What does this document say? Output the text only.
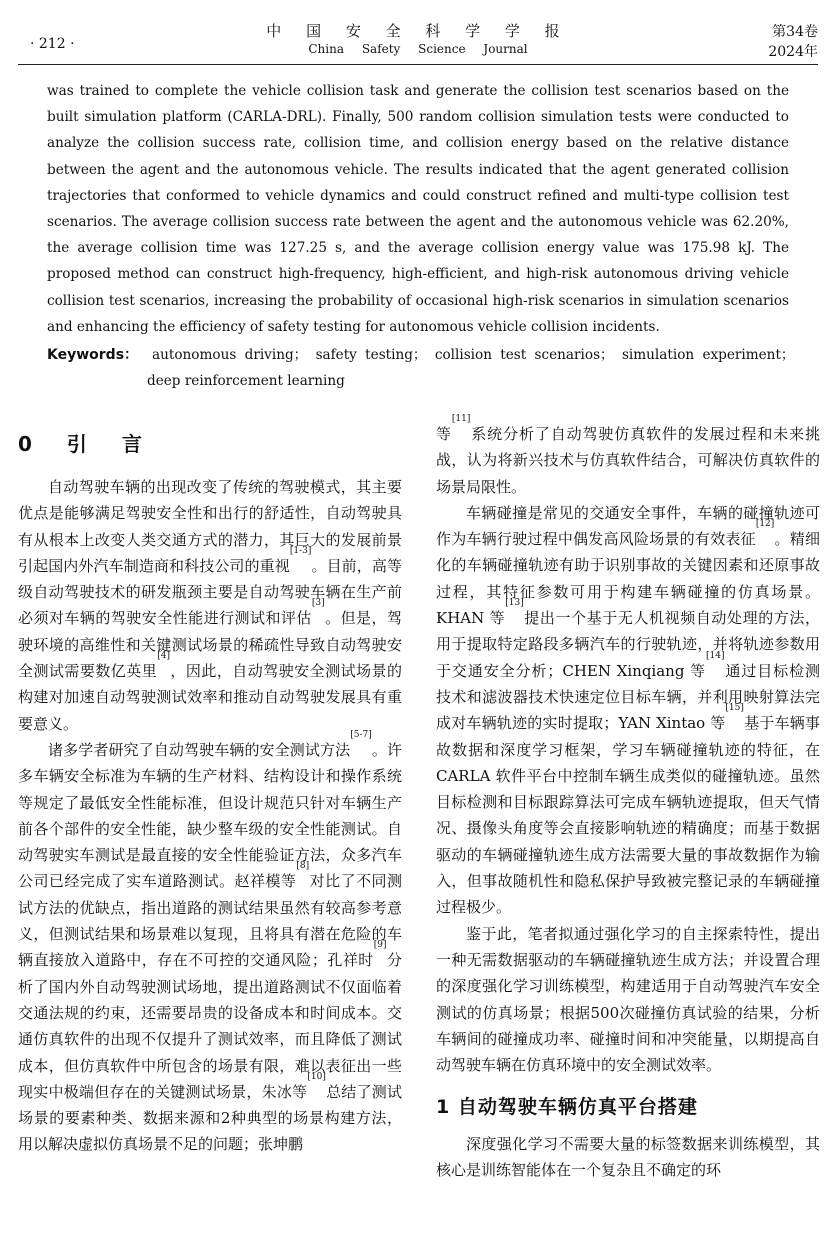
· 212 ·
中 国 安 全 科 学 学 报
China Safety Science Journal
第34卷
2024年

was trained to complete the vehicle collision task and generate the collision test scenarios based on the built simulation platform (CARLA-DRL). Finally, 500 random collision simulation tests were conducted to analyze the collision success rate, collision time, and collision energy based on the relative distance between the agent and the autonomous vehicle. The results indicated that the agent generated collision trajectories that conformed to vehicle dynamics and could construct refined and multi-type collision test scenarios. The average collision success rate between the agent and the autonomous vehicle was 62.20%, the average collision time was 127.25 s, and the average collision energy value was 175.98 kJ. The proposed method can construct high-frequency, high-efficient, and high-risk autonomous driving vehicle collision test scenarios, increasing the probability of occasional high-risk scenarios in simulation scenarios and enhancing the efficiency of safety testing for autonomous vehicle collision incidents.

Keywords： autonomous driving； safety testing； collision test scenarios； simulation experiment；
deep reinforcement learning
0 引 言

自动驾驶车辆的出现改变了传统的驾驶模式，其主要优点是能够满足驾驶安全性和出行的舒适性，自动驾驶具有从根本上改变人类交通方式的潜力，其巨大的发展前景引起国内外汽车制造商和科技公司的重视[1-3]。目前，高等级自动驾驶技术的研发瓶颈主要是自动驾驶车辆在生产前必须对车辆的驾驶安全性能进行测试和评估[3]。但是，驾驶环境的高维性和关键测试场景的稀疏性导致自动驾驶安全测试需要数亿英里[4]，因此，自动驾驶安全测试场景的构建对加速自动驾驶测试效率和推动自动驾驶发展具有重要意义。

诸多学者研究了自动驾驶车辆的安全测试方法[5-7]。许多车辆安全标准为车辆的生产材料、结构设计和操作系统等规定了最低安全性能标准，但设计规范只针对车辆生产前各个部件的安全性能，缺少整车级的安全性能测试。自动驾驶实车测试是最直接的安全性能验证方法，众多汽车公司已经完成了实车道路测试。赵祥模等[8]对比了不同测试方法的优缺点，指出道路的测试结果虽然有较高参考意义，但测试结果和场景难以复现，且将具有潜在危险的车辆直接放入道路中，存在不可控的交通风险；孔祥时[9]分析了国内外自动驾驶测试场地，提出道路测试不仅面临着交通法规的约束，还需要昂贵的设备成本和时间成本。交通仿真软件的出现不仅提升了测试效率，而且降低了测试成本，但仿真软件中所包含的场景有限，难以表征出一些现实中极端但存在的关键测试场景，朱冰等[10]总结了测试场景的要素种类、数据来源和2种典型的场景构建方法，用以解决虚拟仿真场景不足的问题；张坤鹏

等[11]系统分析了自动驾驶仿真软件的发展过程和未来挑战，认为将新兴技术与仿真软件结合，可解决仿真软件的场景局限性。

车辆碰撞是常见的交通安全事件，车辆的碰撞轨迹可作为车辆行驶过程中偶发高风险场景的有效表征[12]。精细化的车辆碰撞轨迹有助于识别事故的关键因素和还原事故过程，其特征参数可用于构建车辆碰撞的仿真场景。KHAN 等[13]提出一个基于无人机视频自动处理的方法，用于提取特定路段多辆汽车的行驶轨迹，并将轨迹参数用于交通安全分析；CHEN Xinqiang 等[14]通过目标检测技术和滤波器技术快速定位目标车辆，并利用映射算法完成对车辆轨迹的实时提取；YAN Xintao 等[15]基于车辆事故数据和深度学习框架，学习车辆碰撞轨迹的特征，在 CARLA 软件平台中控制车辆生成类似的碰撞轨迹。虽然目标检测和目标跟踪算法可完成车辆轨迹提取，但天气情况、摄像头角度等会直接影响轨迹的精确度；而基于数据驱动的车辆碰撞轨迹生成方法需要大量的事故数据作为输入，但事故随机性和隐私保护导致被完整记录的车辆碰撞过程极少。

鉴于此，笔者拟通过强化学习的自主探索特性，提出一种无需数据驱动的车辆碰撞轨迹生成方法；并设置合理的深度强化学习训练模型，构建适用于自动驾驶汽车安全测试的仿真场景；根据500次碰撞仿真试验的结果，分析车辆间的碰撞成功率、碰撞时间和冲突能量，以期提高自动驾驶车辆在仿真环境中的安全测试效率。

1 自动驾驶车辆仿真平台搭建

深度强化学习不需要大量的标签数据来训练模型，其核心是训练智能体在一个复杂且不确定的环
